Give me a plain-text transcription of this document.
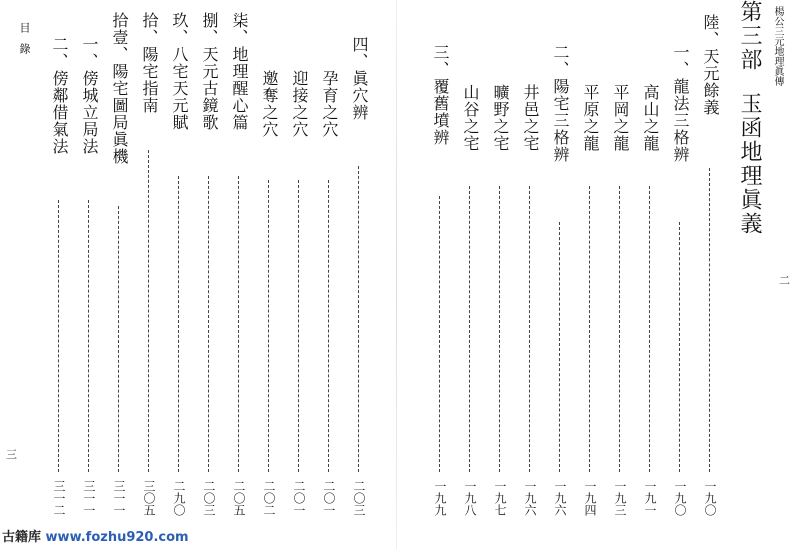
楊公三元地理眞傳
二
第三部
玉函地理眞義
陸、天元餘義
一九〇
一、龍法三格辨
一九〇
高山之龍
一九一
平岡之龍
一九三
平原之龍
一九四
二、陽宅三格辨
一九六
井邑之宅
一九六
曠野之宅
一九七
山谷之宅
一九八
三、覆舊墳辨
一九九
目錄
三
四、眞穴辨
二〇三
孕育之穴
二〇一
迎接之穴
二〇一
邀奪之穴
二〇二
柒、地理醒心篇
二〇五
捌、天元古鏡歌
二〇三
玖、八宅天元賦
二九〇
拾、陽宅指南
三〇五
拾壹、陽宅圖局眞機
三一一
一、傍城立局法
三一一
二、傍鄰借氣法
三一二
古籍库 www.fozhu920.com
